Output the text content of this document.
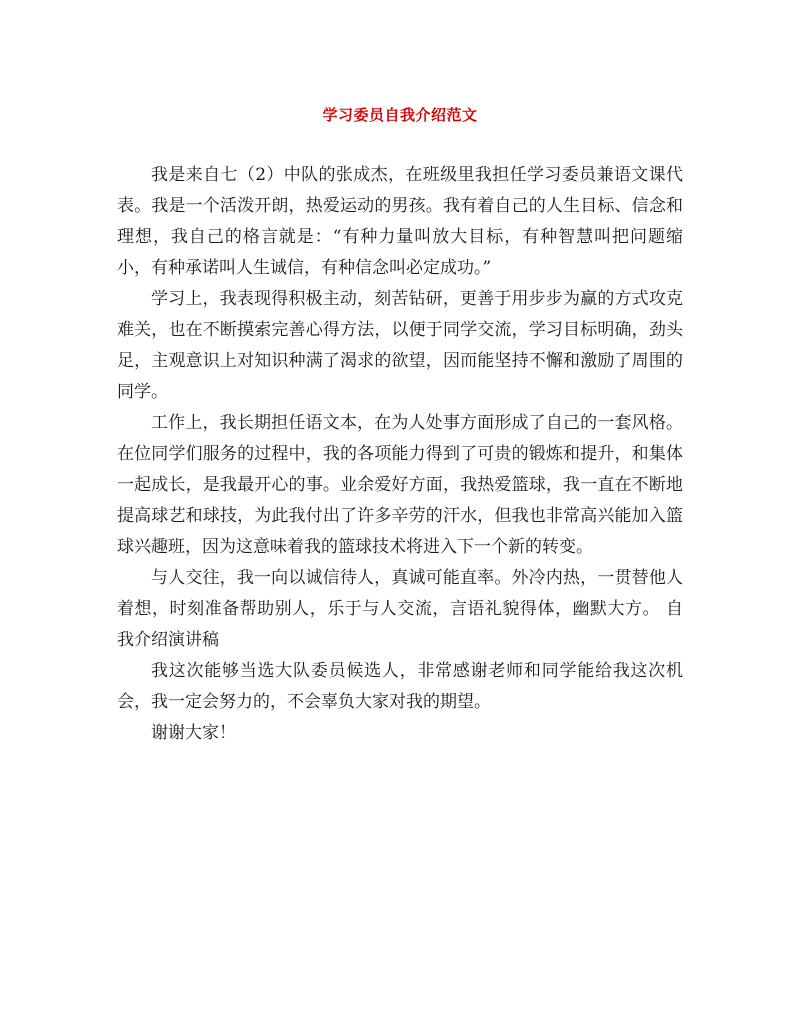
学习委员自我介绍范文

我是来自七（2）中队的张成杰，在班级里我担任学习委员兼语文课代表。我是一个活泼开朗，热爱运动的男孩。我有着自己的人生目标、信念和理想，我自己的格言就是：“有种力量叫放大目标，有种智慧叫把问题缩小，有种承诺叫人生诚信，有种信念叫必定成功。”

学习上，我表现得积极主动，刻苦钻研，更善于用步步为赢的方式攻克难关，也在不断摸索完善心得方法，以便于同学交流，学习目标明确，劲头足，主观意识上对知识种满了渴求的欲望，因而能坚持不懈和激励了周围的同学。

工作上，我长期担任语文本，在为人处事方面形成了自己的一套风格。在位同学们服务的过程中，我的各项能力得到了可贵的锻炼和提升，和集体一起成长，是我最开心的事。业余爱好方面，我热爱篮球，我一直在不断地提高球艺和球技，为此我付出了许多辛劳的汗水，但我也非常高兴能加入篮球兴趣班，因为这意味着我的篮球技术将进入下一个新的转变。

与人交往，我一向以诚信待人，真诚可能直率。外冷内热，一贯替他人着想，时刻准备帮助别人，乐于与人交流，言语礼貌得体，幽默大方。 自我介绍演讲稿

我这次能够当选大队委员候选人，非常感谢老师和同学能给我这次机会，我一定会努力的，不会辜负大家对我的期望。

谢谢大家！
